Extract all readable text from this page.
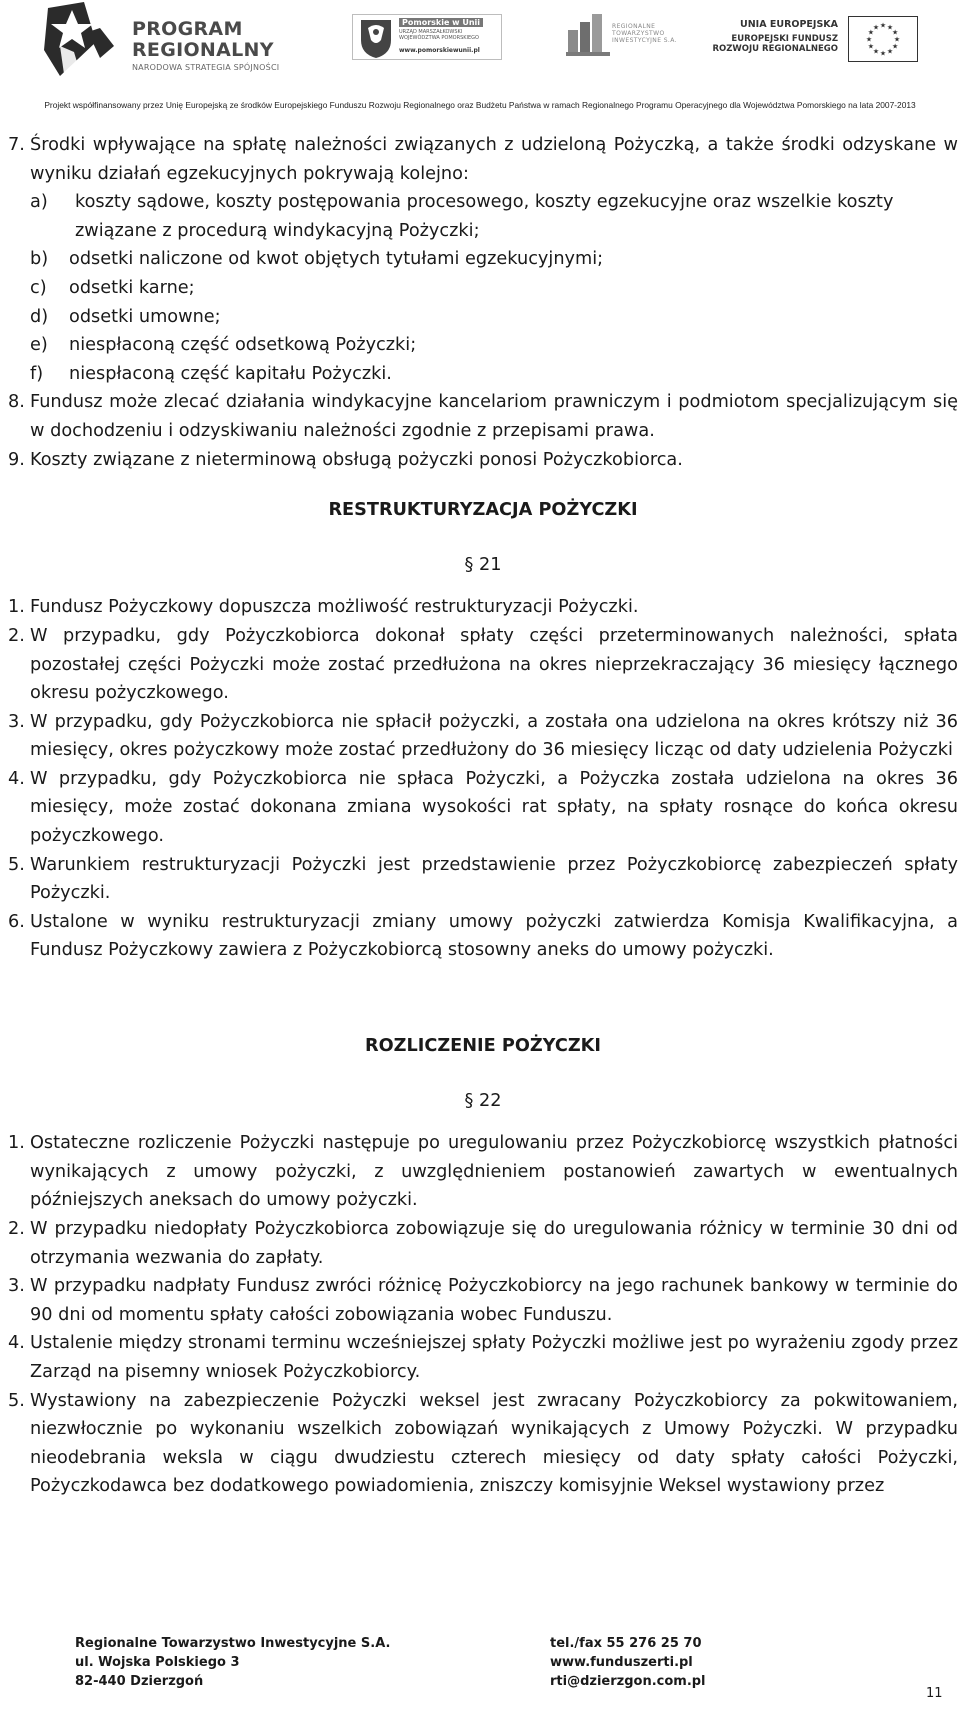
PROGRAM
REGIONALNY
NARODOWA STRATEGIA SPÓJNOŚCI
Pomorskie w Unii
URZĄD MARSZAŁKOWSKI WOJEWÓDZTWA POMORSKIEGO
www.pomorskiewunii.pl
REGIONALNE
TOWARZYSTWO
INWESTYCYJNE S.A.
UNIA EUROPEJSKA
EUROPEJSKI FUNDUSZ
ROZWOJU REGIONALNEGO
★
★
★
★
★
★
★
★
★ ★ ★
★
Projekt współfinansowany przez Unię Europejską ze środków Europejskiego Funduszu Rozwoju Regionalnego oraz Budżetu Państwa w ramach Regionalnego Programu Operacyjnego dla Województwa Pomorskiego na lata 2007-2013
7. Środki wpływające na spłatę należności związanych z udzieloną Pożyczką, a także środki odzyskane w wyniku działań egzekucyjnych pokrywają kolejno:
a) koszty sądowe, koszty postępowania procesowego, koszty egzekucyjne oraz wszelkie koszty związane z procedurą windykacyjną Pożyczki;
b) odsetki naliczone od kwot objętych tytułami egzekucyjnymi;
c) odsetki karne;
d) odsetki umowne;
e) niespłaconą część odsetkową Pożyczki;
f) niespłaconą część kapitału Pożyczki.
8. Fundusz może zlecać działania windykacyjne kancelariom prawniczym i podmiotom specjalizującym się w dochodzeniu i odzyskiwaniu należności zgodnie z przepisami prawa.
9. Koszty związane z nieterminową obsługą pożyczki ponosi Pożyczkobiorca.
RESTRUKTURYZACJA POŻYCZKI
§ 21
1. Fundusz Pożyczkowy dopuszcza możliwość restrukturyzacji Pożyczki.
2. W przypadku, gdy Pożyczkobiorca dokonał spłaty części przeterminowanych należności, spłata pozostałej części Pożyczki może zostać przedłużona na okres nieprzekraczający 36 miesięcy łącznego okresu pożyczkowego.
3. W przypadku, gdy Pożyczkobiorca nie spłacił pożyczki, a została ona udzielona na okres krótszy niż 36 miesięcy, okres pożyczkowy może zostać przedłużony do 36 miesięcy licząc od daty udzielenia Pożyczki
4. W przypadku, gdy Pożyczkobiorca nie spłaca Pożyczki, a Pożyczka została udzielona na okres 36 miesięcy, może zostać dokonana zmiana wysokości rat spłaty, na spłaty rosnące do końca okresu pożyczkowego.
5. Warunkiem restrukturyzacji Pożyczki jest przedstawienie przez Pożyczkobiorcę zabezpieczeń spłaty Pożyczki.
6. Ustalone w wyniku restrukturyzacji zmiany umowy pożyczki zatwierdza Komisja Kwalifikacyjna, a Fundusz Pożyczkowy zawiera z Pożyczkobiorcą stosowny aneks do umowy pożyczki.
ROZLICZENIE POŻYCZKI
§ 22
1. Ostateczne rozliczenie Pożyczki następuje po uregulowaniu przez Pożyczkobiorcę wszystkich płatności wynikających z umowy pożyczki, z uwzględnieniem postanowień zawartych w ewentualnych późniejszych aneksach do umowy pożyczki.
2. W przypadku niedopłaty Pożyczkobiorca zobowiązuje się do uregulowania różnicy w terminie 30 dni od otrzymania wezwania do zapłaty.
3. W przypadku nadpłaty Fundusz zwróci różnicę Pożyczkobiorcy na jego rachunek bankowy w terminie do 90 dni od momentu spłaty całości zobowiązania wobec Funduszu.
4. Ustalenie między stronami terminu wcześniejszej spłaty Pożyczki możliwe jest po wyrażeniu zgody przez Zarząd na pisemny wniosek Pożyczkobiorcy.
5. Wystawiony na zabezpieczenie Pożyczki weksel jest zwracany Pożyczkobiorcy za pokwitowaniem, niezwłocznie po wykonaniu wszelkich zobowiązań wynikających z Umowy Pożyczki. W przypadku nieodebrania weksla w ciągu dwudziestu czterech miesięcy od daty spłaty całości Pożyczki, Pożyczkodawca bez dodatkowego powiadomienia, zniszczy komisyjnie Weksel wystawiony przez
Regionalne Towarzystwo Inwestycyjne S.A.
ul. Wojska Polskiego 3
82-440 Dzierzgoń
tel./fax 55 276 25 70
www.funduszerti.pl
rti@dzierzgon.com.pl
11
